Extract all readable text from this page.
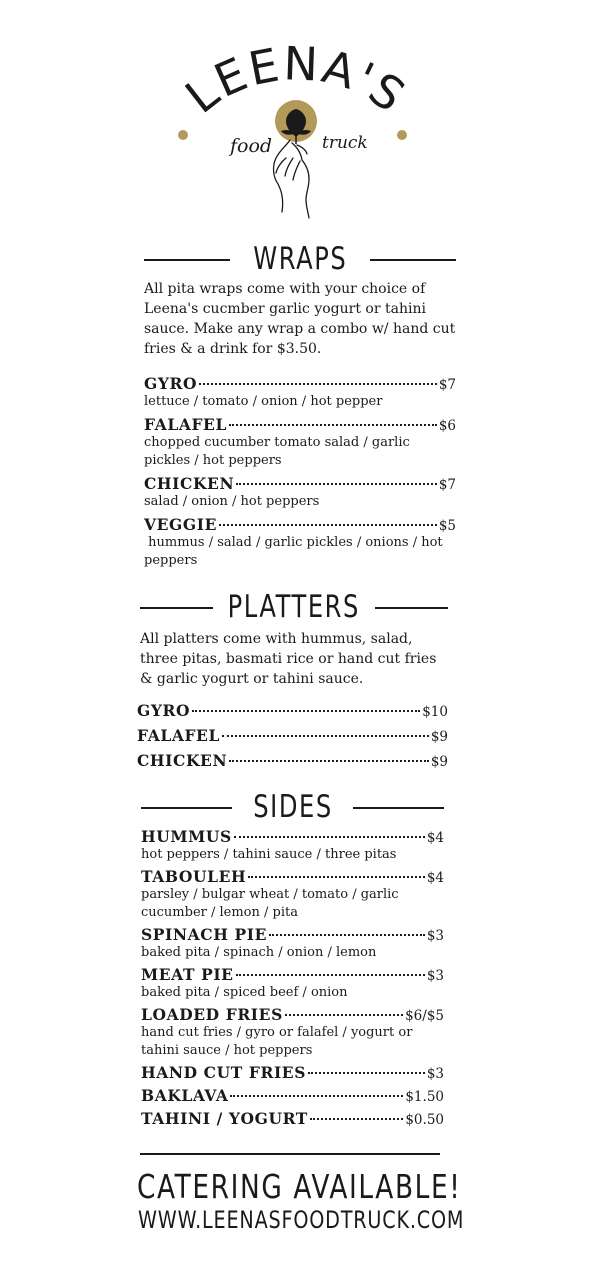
LEENA'S
food	truck
WRAPS

All pita wraps come with your choice of Leena's cucmber garlic yogurt or tahini sauce. Make any wrap a combo w/ hand cut fries & a drink for $3.50.

GYRO	$7
lettuce / tomato / onion / hot pepper
FALAFEL	$6
chopped cucumber tomato salad / garlic pickles / hot peppers
CHICKEN	$7
salad / onion / hot peppers
VEGGIE	$5
hummus / salad / garlic pickles / onions / hot peppers
PLATTERS

All platters come with hummus, salad, three pitas, basmati rice or hand cut fries & garlic yogurt or tahini sauce.

GYRO	$10
FALAFEL	$9
CHICKEN	$9
SIDES
HUMMUS	$4
hot peppers / tahini sauce / three pitas
TABOULEH	$4
parsley / bulgar wheat / tomato / garlic cucumber / lemon / pita
SPINACH PIE	$3
baked pita / spinach / onion / lemon
MEAT PIE	$3
baked pita / spiced beef / onion
LOADED FRIES	$6/$5
hand cut fries / gyro or falafel / yogurt or tahini sauce / hot peppers
HAND CUT FRIES	$3
BAKLAVA	$1.50
TAHINI / YOGURT	$0.50
CATERING AVAILABLE!
WWW.LEENASFOODTRUCK.COM
